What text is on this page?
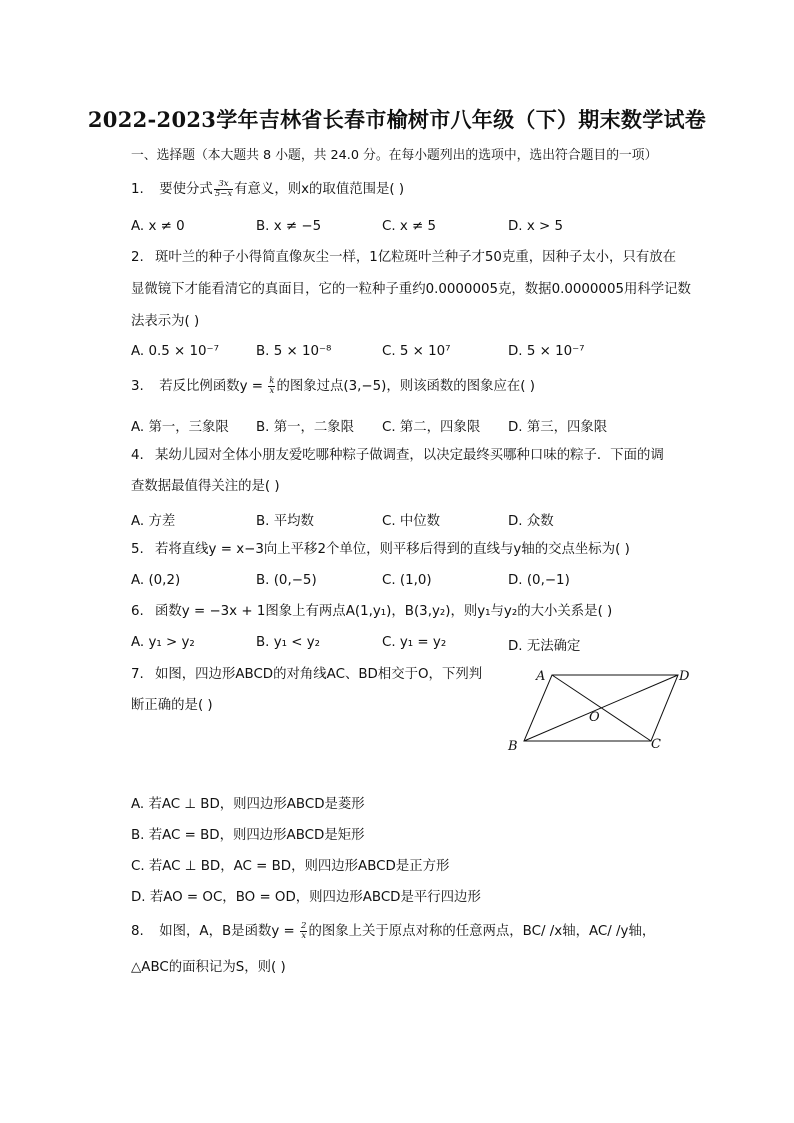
2022-2023学年吉林省长春市榆树市八年级（下）期末数学试卷
一、选择题（本大题共 8 小题，共 24.0 分。在每小题列出的选项中，选出符合题目的一项）
1. 要使分式 $\frac{3x}{5-x}$ 有意义，则x的取值范围是( )
A. x ≠ 0	B. x ≠ −5	C. x ≠ 5	D. x > 5
2. 斑叶兰的种子小得简直像灰尘一样，1亿粒斑叶兰种子才50克重，因种子太小，只有放在
显微镜下才能看清它的真面目，它的一粒种子重约0.0000005克，数据0.0000005用科学记数
法表示为( )
A. 0.5 × 10⁻⁷	B. 5 × 10⁻⁸	C. 5 × 10⁷	D. 5 × 10⁻⁷
3. 若反比例函数$y = \frac{k}{x}$ 的图象过点(3,−5)，则该函数的图象应在( )
A. 第一，三象限 B. 第一，二象限 C. 第二，四象限 D. 第三，四象限
4. 某幼儿园对全体小朋友爱吃哪种粽子做调查，以决定最终买哪种口味的粽子．下面的调
查数据最值得关注的是( )
A. 方差	B. 平均数	C. 中位数	D. 众数
5. 若将直线y = x−3向上平移2个单位，则平移后得到的直线与y轴的交点坐标为( )
A. (0,2)	B. (0,−5)	C. (1,0)	D. (0,−1)
6. 函数y = −3x + 1图象上有两点A(1,y₁)，B(3,y₂)，则y₁与y₂的大小关系是( )
A. y₁ > y₂	B. y₁ < y₂	C. y₁ = y₂	D. 无法确定
7. 如图，四边形ABCD的对角线AC、BD相交于O，下列判
断正确的是( )
A	D
O
B	C
A. 若AC ⊥ BD，则四边形ABCD是菱形
B. 若AC = BD，则四边形ABCD是矩形
C. 若AC ⊥ BD，AC = BD，则四边形ABCD是正方形
D. 若AO = OC，BO = OD，则四边形ABCD是平行四边形
8. 如图，A，B是函数$y = \frac{2}{x}$ 的图象上关于原点对称的任意两点，BC/ /x轴，AC/ /y轴，
△ABC的面积记为S，则( )
